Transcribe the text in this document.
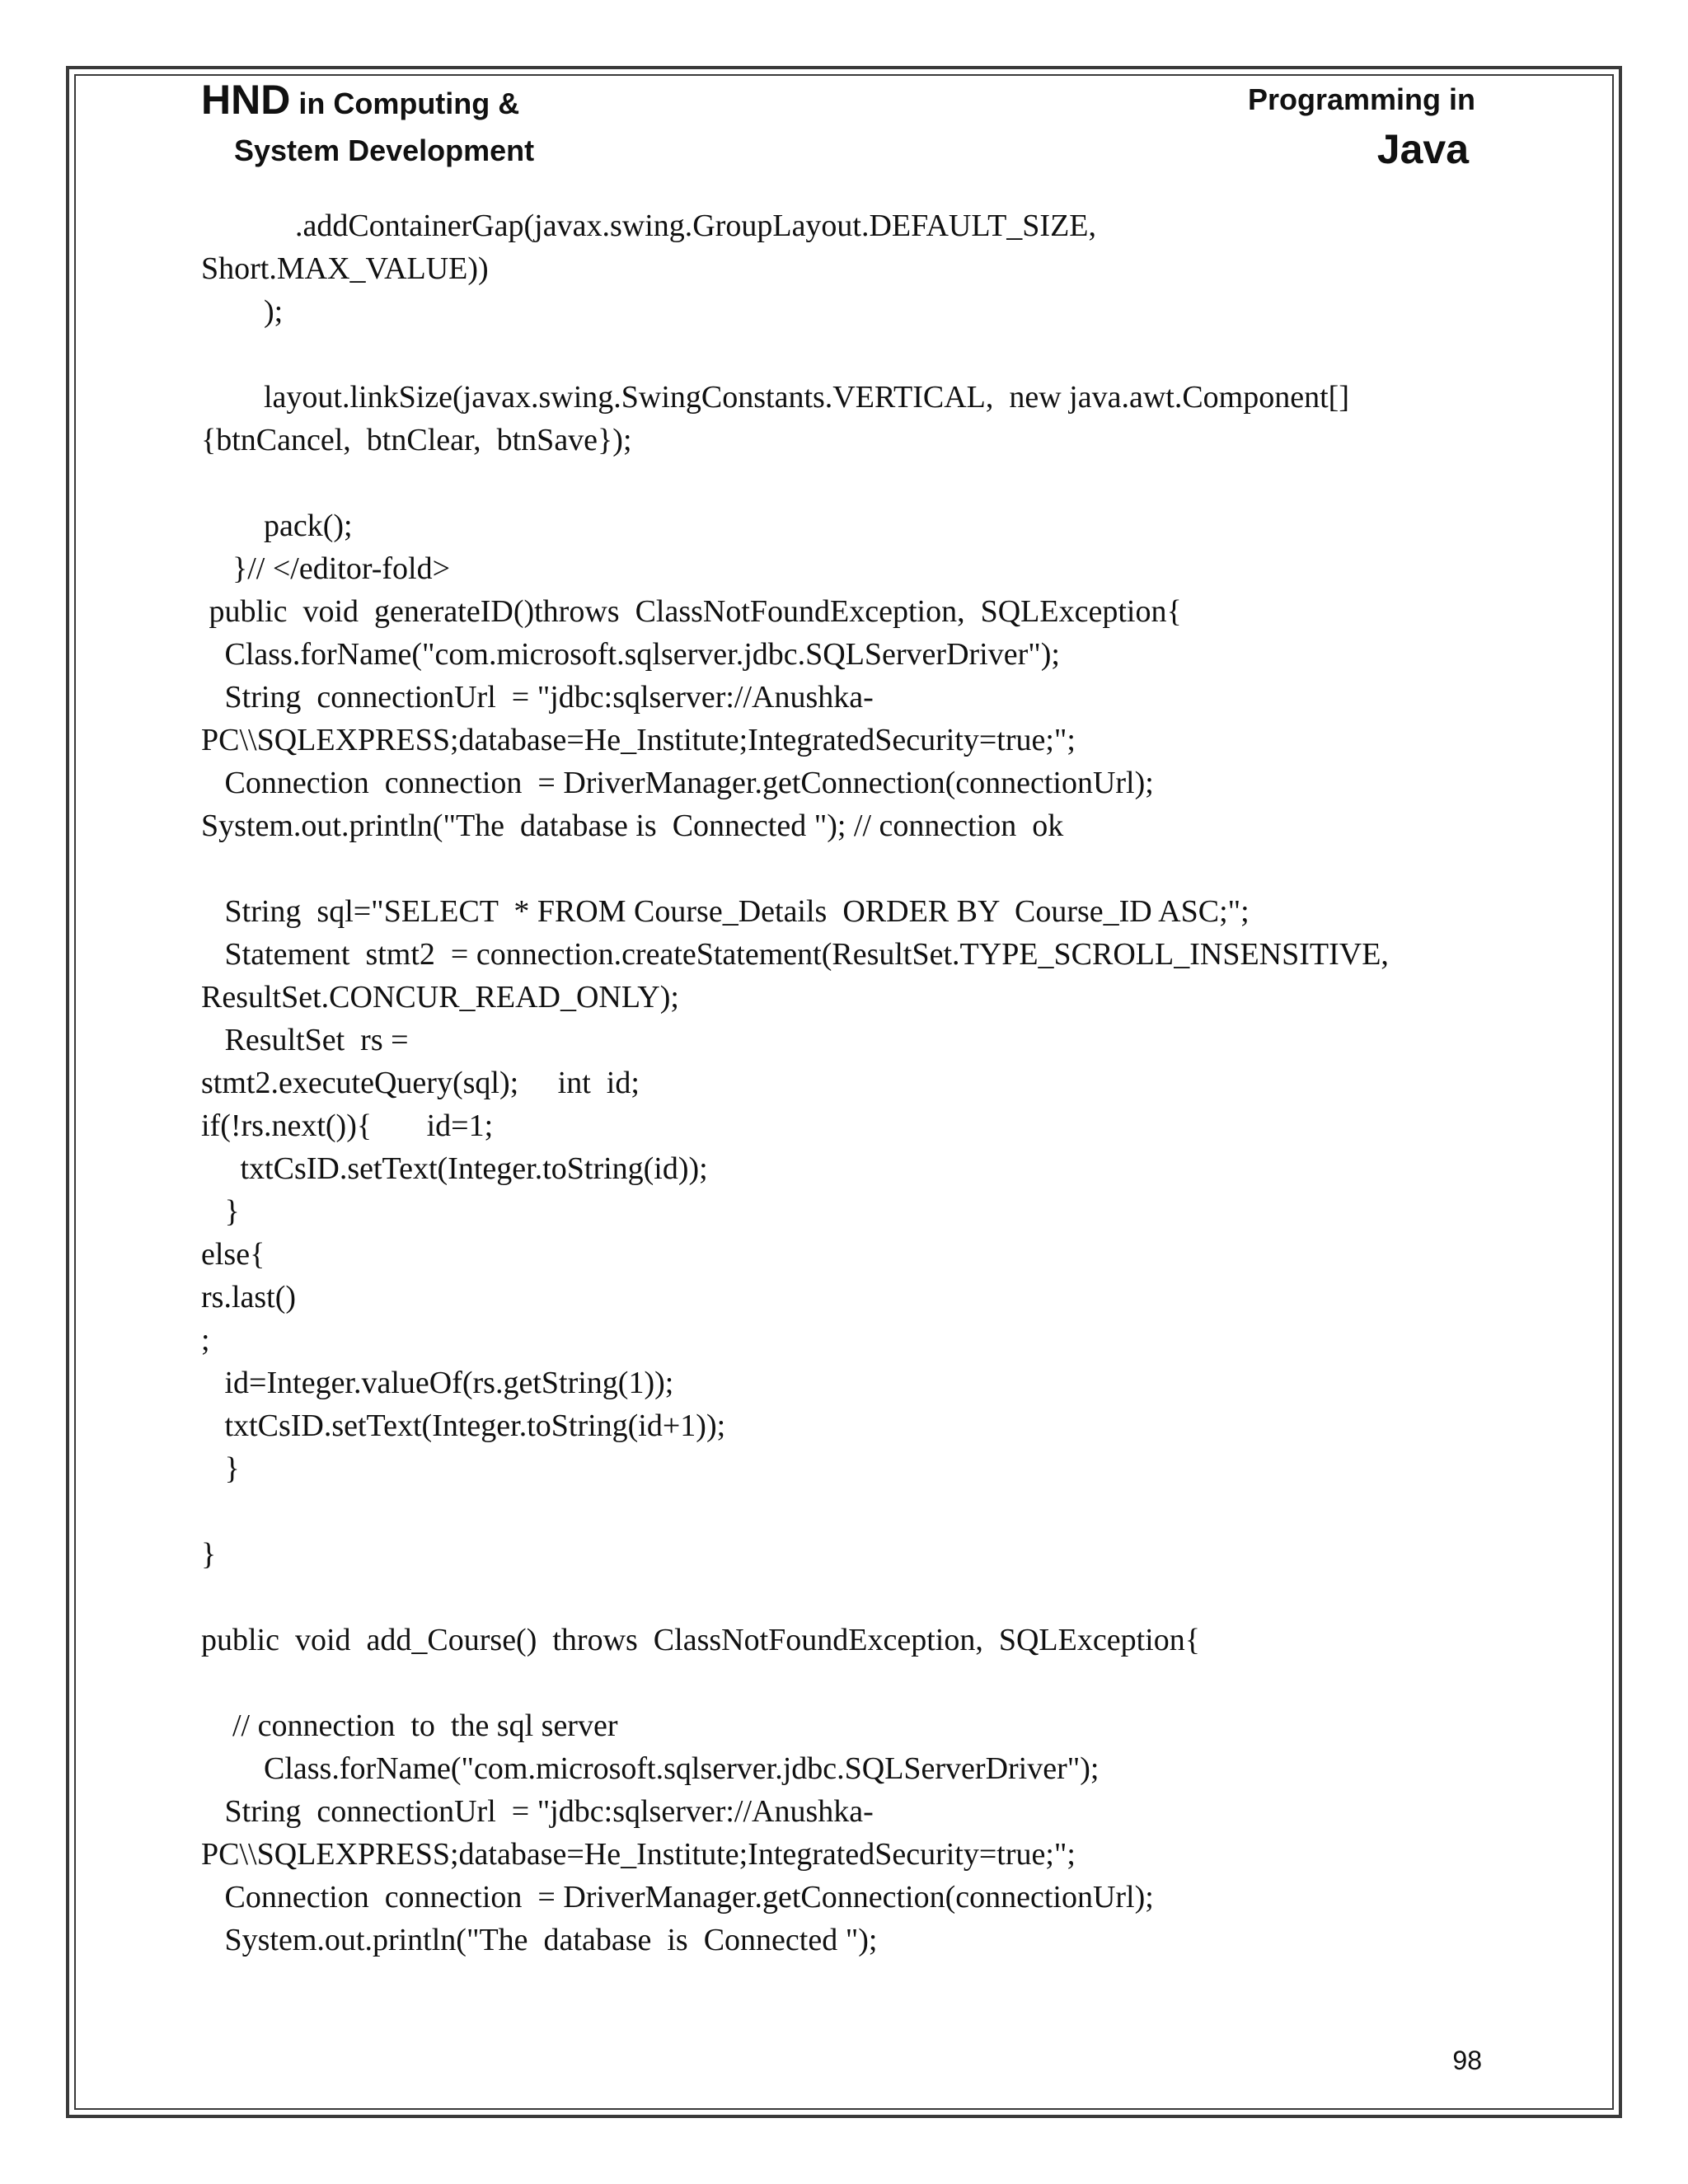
HND in Computing &
System Development
Programming in
Java
.addContainerGap(javax.swing.GroupLayout.DEFAULT_SIZE,
Short.MAX_VALUE))
);
layout.linkSize(javax.swing.SwingConstants.VERTICAL,  new java.awt.Component[]
{btnCancel,  btnClear,  btnSave});
pack();
}// </editor-fold>
public  void  generateID()throws  ClassNotFoundException,  SQLException{
Class.forName("com.microsoft.sqlserver.jdbc.SQLServerDriver");
String  connectionUrl  = "jdbc:sqlserver://Anushka-
PC\\SQLEXPRESS;database=He_Institute;IntegratedSecurity=true;";
Connection  connection  = DriverManager.getConnection(connectionUrl);
System.out.println("The  database is  Connected "); // connection  ok
String  sql="SELECT  * FROM Course_Details  ORDER BY  Course_ID ASC;";
Statement  stmt2  = connection.createStatement(ResultSet.TYPE_SCROLL_INSENSITIVE,
ResultSet.CONCUR_READ_ONLY);
ResultSet  rs =
stmt2.executeQuery(sql);     int  id;
if(!rs.next()){       id=1;
txtCsID.setText(Integer.toString(id));
}
else{
rs.last()
;
id=Integer.valueOf(rs.getString(1));
txtCsID.setText(Integer.toString(id+1));
}
}
public  void  add_Course()  throws  ClassNotFoundException,  SQLException{
// connection  to  the sql server
Class.forName("com.microsoft.sqlserver.jdbc.SQLServerDriver");
String  connectionUrl  = "jdbc:sqlserver://Anushka-
PC\\SQLEXPRESS;database=He_Institute;IntegratedSecurity=true;";
Connection  connection  = DriverManager.getConnection(connectionUrl);
System.out.println("The  database  is  Connected ");
98
